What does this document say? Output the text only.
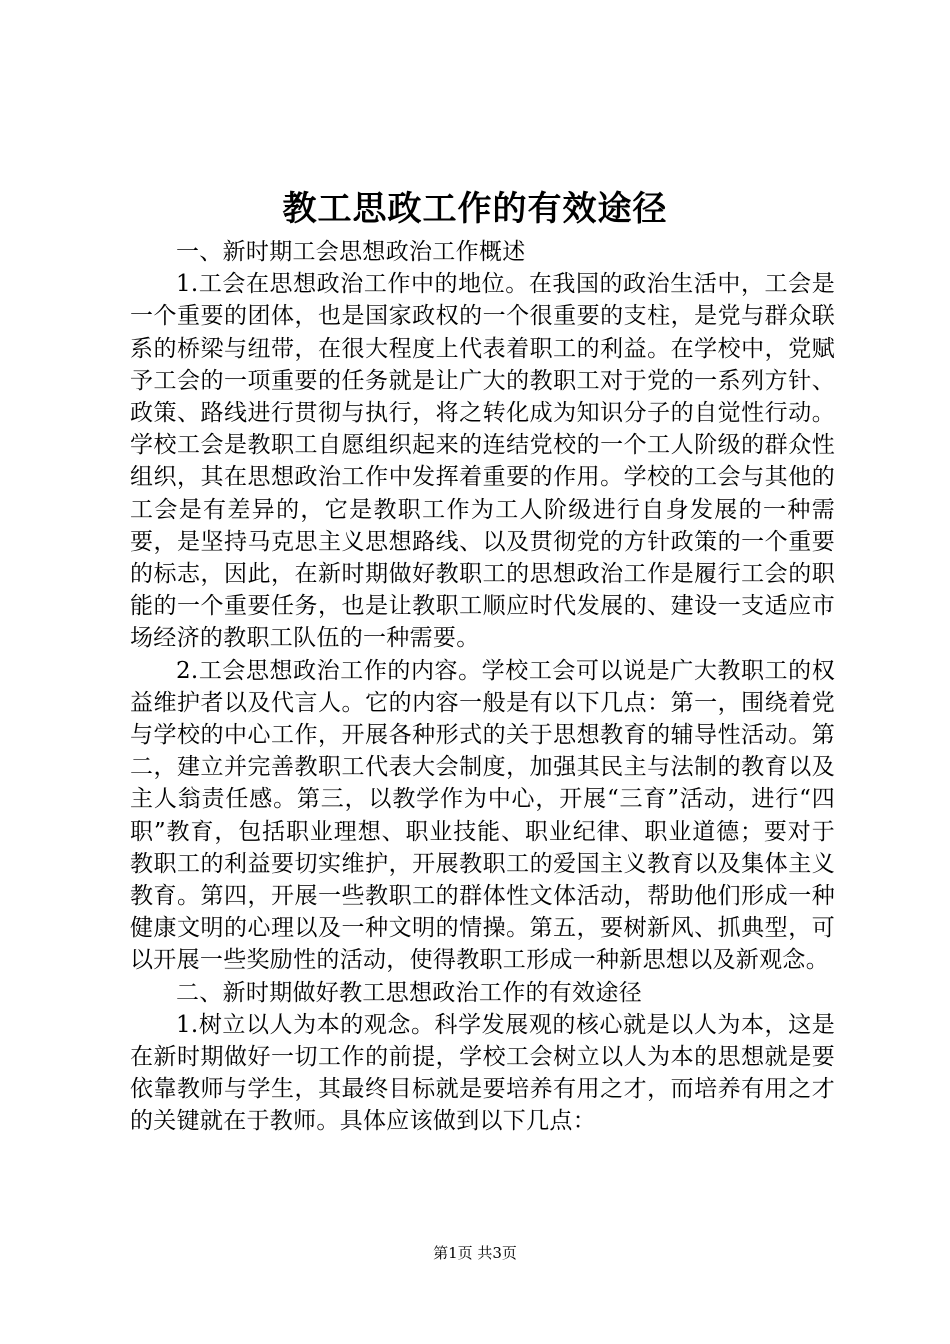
教工思政工作的有效途径

一、新时期工会思想政治工作概述

1.工会在思想政治工作中的地位。在我国的政治生活中，工会是一个重要的团体，也是国家政权的一个很重要的支柱，是党与群众联系的桥梁与纽带，在很大程度上代表着职工的利益。在学校中，党赋予工会的一项重要的任务就是让广大的教职工对于党的一系列方针、政策、路线进行贯彻与执行，将之转化成为知识分子的自觉性行动。学校工会是教职工自愿组织起来的连结党校的一个工人阶级的群众性组织，其在思想政治工作中发挥着重要的作用。学校的工会与其他的工会是有差异的，它是教职工作为工人阶级进行自身发展的一种需要，是坚持马克思主义思想路线、以及贯彻党的方针政策的一个重要的标志，因此，在新时期做好教职工的思想政治工作是履行工会的职能的一个重要任务，也是让教职工顺应时代发展的、建设一支适应市场经济的教职工队伍的一种需要。

2.工会思想政治工作的内容。学校工会可以说是广大教职工的权益维护者以及代言人。它的内容一般是有以下几点：第一，围绕着党与学校的中心工作，开展各种形式的关于思想教育的辅导性活动。第二，建立并完善教职工代表大会制度，加强其民主与法制的教育以及主人翁责任感。第三，以教学作为中心，开展“三育”活动，进行“四职”教育，包括职业理想、职业技能、职业纪律、职业道德；要对于教职工的利益要切实维护，开展教职工的爱国主义教育以及集体主义教育。第四，开展一些教职工的群体性文体活动，帮助他们形成一种健康文明的心理以及一种文明的情操。第五，要树新风、抓典型，可以开展一些奖励性的活动，使得教职工形成一种新思想以及新观念。

二、新时期做好教工思想政治工作的有效途径

1.树立以人为本的观念。科学发展观的核心就是以人为本，这是在新时期做好一切工作的前提，学校工会树立以人为本的思想就是要依靠教师与学生，其最终目标就是要培养有用之才，而培养有用之才的关键就在于教师。具体应该做到以下几点：

第1页 共3页
